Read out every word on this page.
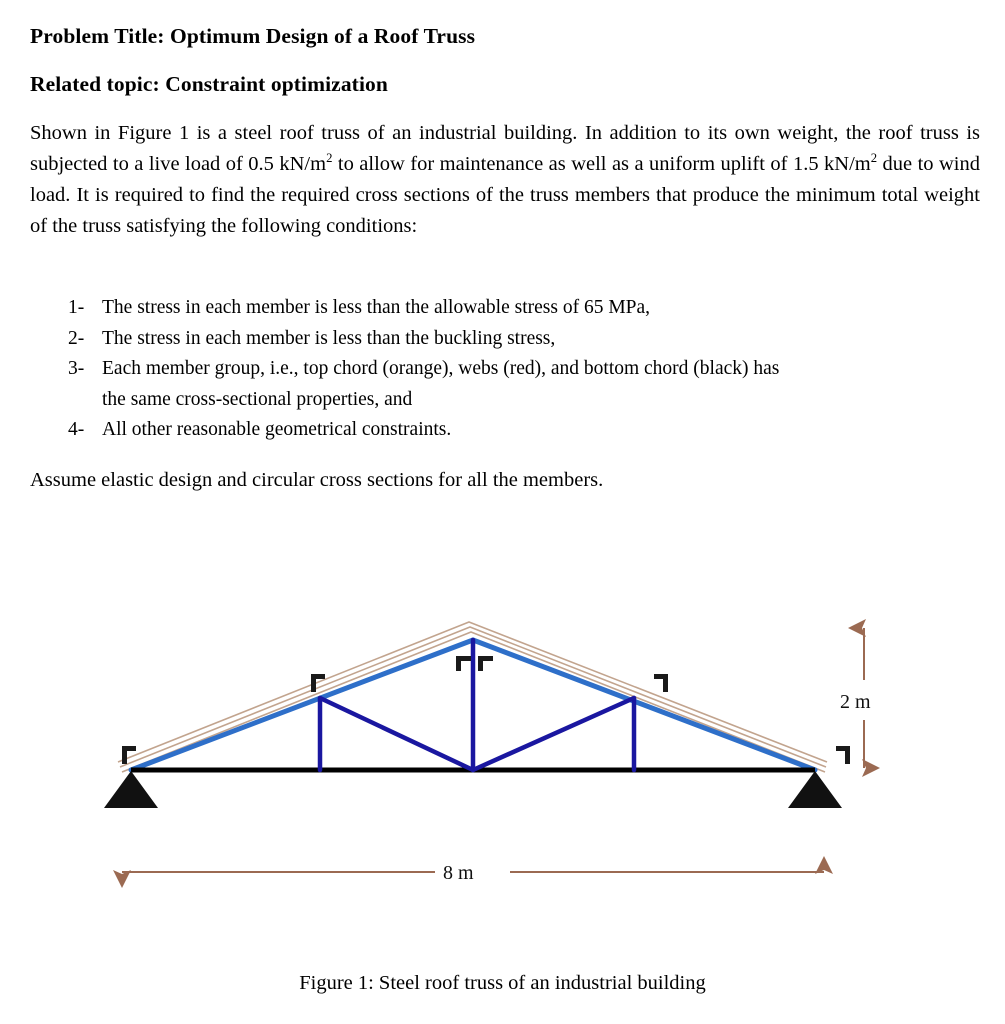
Problem Title: Optimum Design of a Roof Truss
Related topic: Constraint optimization
Shown in Figure 1 is a steel roof truss of an industrial building. In addition to its own weight, the roof truss is subjected to a live load of 0.5 $kN/m^2$ to allow for maintenance as well as a uniform uplift of 1.5 $kN/m^2$ due to wind load. It is required to find the required cross sections of the truss members that produce the minimum total weight of the truss satisfying the following conditions:
1- The stress in each member is less than the allowable stress of 65 MPa,
2- The stress in each member is less than the buckling stress,
3- Each member group, i.e., top chord (orange), webs (red), and bottom chord (black) has
the same cross-sectional properties, and
4- All other reasonable geometrical constraints.
Assume elastic design and circular cross sections for all the members.
2 m
8 m
Figure 1: Steel roof truss of an industrial building
